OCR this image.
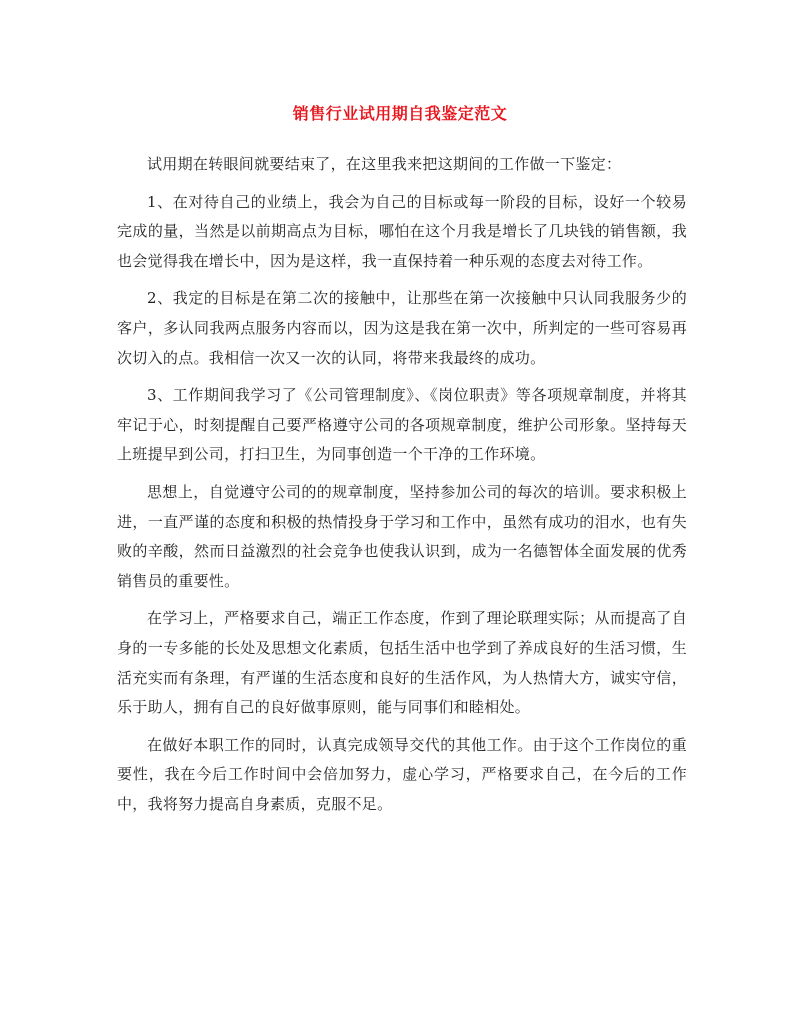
销售行业试用期自我鉴定范文

试用期在转眼间就要结束了，在这里我来把这期间的工作做一下鉴定：

1、在对待自己的业绩上，我会为自己的目标或每一阶段的目标，设好一个较易完成的量，当然是以前期高点为目标，哪怕在这个月我是增长了几块钱的销售额，我也会觉得我在增长中，因为是这样，我一直保持着一种乐观的态度去对待工作。

2、我定的目标是在第二次的接触中，让那些在第一次接触中只认同我服务少的客户，多认同我两点服务内容而以，因为这是我在第一次中，所判定的一些可容易再次切入的点。我相信一次又一次的认同，将带来我最终的成功。

3、工作期间我学习了《公司管理制度》、《岗位职责》等各项规章制度，并将其牢记于心，时刻提醒自己要严格遵守公司的各项规章制度，维护公司形象。坚持每天上班提早到公司，打扫卫生，为同事创造一个干净的工作环境。

思想上，自觉遵守公司的的规章制度，坚持参加公司的每次的培训。要求积极上进，一直严谨的态度和积极的热情投身于学习和工作中，虽然有成功的泪水，也有失败的辛酸，然而日益激烈的社会竞争也使我认识到，成为一名德智体全面发展的优秀销售员的重要性。

在学习上，严格要求自己，端正工作态度，作到了理论联理实际；从而提高了自身的一专多能的长处及思想文化素质，包括生活中也学到了养成良好的生活习惯，生活充实而有条理，有严谨的生活态度和良好的生活作风，为人热情大方，诚实守信，乐于助人，拥有自己的良好做事原则，能与同事们和睦相处。

在做好本职工作的同时，认真完成领导交代的其他工作。由于这个工作岗位的重要性，我在今后工作时间中会倍加努力，虚心学习，严格要求自己，在今后的工作中，我将努力提高自身素质，克服不足。
